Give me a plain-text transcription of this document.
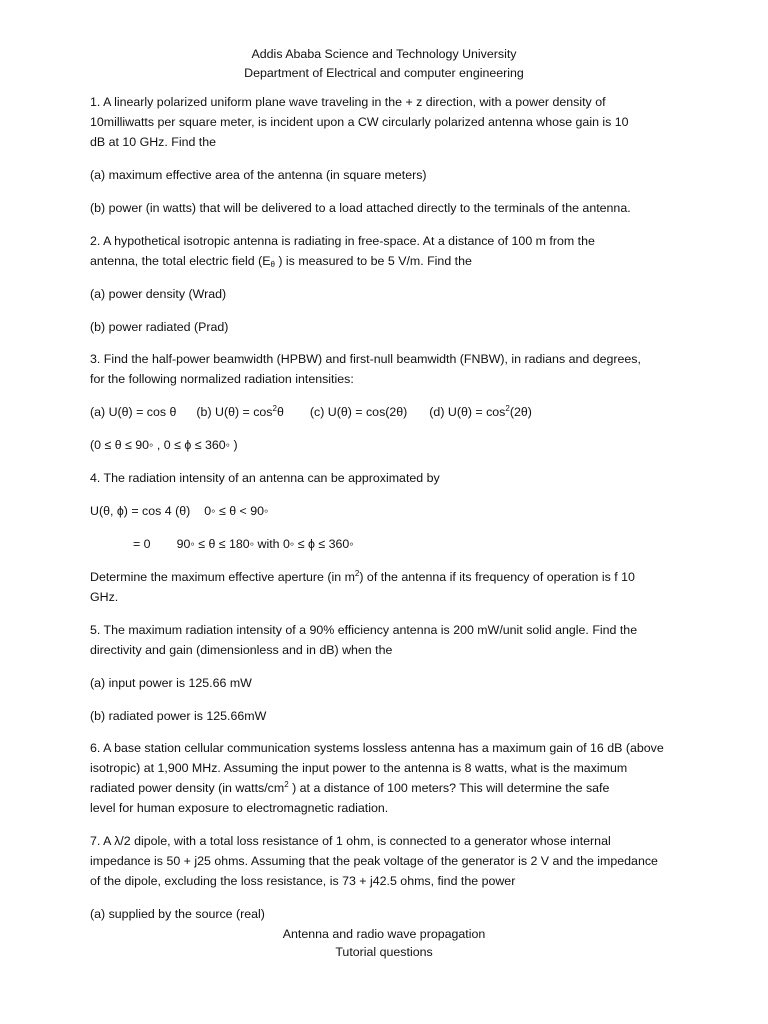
Addis Ababa Science and Technology University
Department of Electrical and computer engineering
1. A linearly polarized uniform plane wave traveling in the + z direction, with a power density of
10milliwatts per square meter, is incident upon a CW circularly polarized antenna whose gain is 10
dB at 10 GHz. Find the
(a) maximum effective area of the antenna (in square meters)
(b) power (in watts) that will be delivered to a load attached directly to the terminals of the antenna.
2. A hypothetical isotropic antenna is radiating in free-space. At a distance of 100 m from the
antenna, the total electric field ($E_\theta$ ) is measured to be 5 V/m. Find the
(a) power density (Wrad)
(b) power radiated (Prad)
3. Find the half-power beamwidth (HPBW) and first-null beamwidth (FNBW), in radians and degrees,
for the following normalized radiation intensities:
(a) U(θ) = cos θ (b) $U(\theta) = \cos^2\theta$ (c) U(θ) = cos(2θ) (d) $U(\theta) = \cos^2(2\theta)$
(0 ≤ θ ≤ 90◦ , 0 ≤ ϕ ≤ 360◦ )
4. The radiation intensity of an antenna can be approximated by
U(θ, ϕ) = cos 4 (θ) 0◦ ≤ θ < 90◦
= 0 90◦ ≤ θ ≤ 180◦ with 0◦ ≤ ϕ ≤ 360◦
Determine the maximum effective aperture (in $m^2$) of the antenna if its frequency of operation is f 10
GHz.
5. The maximum radiation intensity of a 90% efficiency antenna is 200 mW/unit solid angle. Find the
directivity and gain (dimensionless and in dB) when the
(a) input power is 125.66 mW
(b) radiated power is 125.66mW
6. A base station cellular communication systems lossless antenna has a maximum gain of 16 dB (above
isotropic) at 1,900 MHz. Assuming the input power to the antenna is 8 watts, what is the maximum
radiated power density (in watts/$cm^2$ ) at a distance of 100 meters? This will determine the safe
level for human exposure to electromagnetic radiation.
7. A λ/2 dipole, with a total loss resistance of 1 ohm, is connected to a generator whose internal
impedance is 50 + j25 ohms. Assuming that the peak voltage of the generator is 2 V and the impedance
of the dipole, excluding the loss resistance, is 73 + j42.5 ohms, find the power
(a) supplied by the source (real)
Antenna and radio wave propagation
Tutorial questions
